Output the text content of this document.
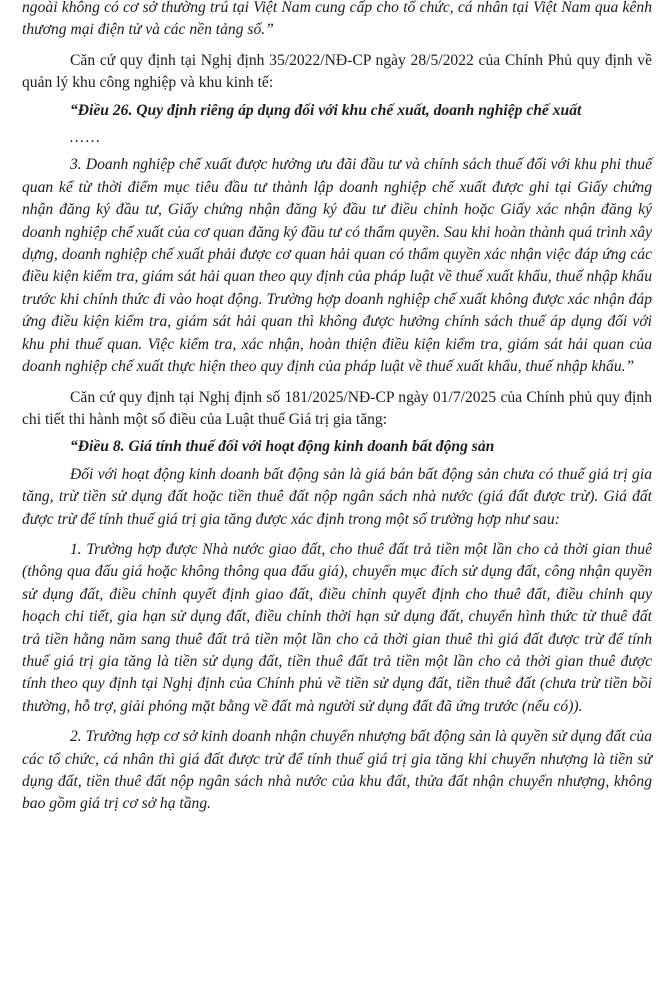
ngoài không có cơ sở thường trú tại Việt Nam cung cấp cho tổ chức, cá nhân tại Việt Nam qua kênh thương mại điện tử và các nền tảng số.”

Căn cứ quy định tại Nghị định 35/2022/NĐ-CP ngày 28/5/2022 của Chính Phủ quy định về quản lý khu công nghiệp và khu kinh tế:

“Điều 26. Quy định riêng áp dụng đối với khu chế xuất, doanh nghiệp chế xuất

……

3. Doanh nghiệp chế xuất được hưởng ưu đãi đầu tư và chính sách thuế đối với khu phi thuế quan kể từ thời điểm mục tiêu đầu tư thành lập doanh nghiệp chế xuất được ghi tại Giấy chứng nhận đăng ký đầu tư, Giấy chứng nhận đăng ký đầu tư điều chỉnh hoặc Giấy xác nhận đăng ký doanh nghiệp chế xuất của cơ quan đăng ký đầu tư có thẩm quyền. Sau khi hoàn thành quá trình xây dựng, doanh nghiệp chế xuất phải được cơ quan hải quan có thẩm quyền xác nhận việc đáp ứng các điều kiện kiểm tra, giám sát hải quan theo quy định của pháp luật về thuế xuất khẩu, thuế nhập khẩu trước khi chính thức đi vào hoạt động. Trường hợp doanh nghiệp chế xuất không được xác nhận đáp ứng điều kiện kiểm tra, giám sát hải quan thì không được hưởng chính sách thuế áp dụng đối với khu phi thuế quan. Việc kiểm tra, xác nhận, hoàn thiện điều kiện kiểm tra, giám sát hải quan của doanh nghiệp chế xuất thực hiện theo quy định của pháp luật về thuế xuất khẩu, thuế nhập khẩu.”

Căn cứ quy định tại Nghị định số 181/2025/NĐ-CP ngày 01/7/2025 của Chính phủ quy định chi tiết thi hành một số điều của Luật thuế Giá trị gia tăng:

“Điều 8. Giá tính thuế đối với hoạt động kinh doanh bất động sản

Đối với hoạt động kinh doanh bất động sản là giá bán bất động sản chưa có thuế giá trị gia tăng, trừ tiền sử dụng đất hoặc tiền thuê đất nộp ngân sách nhà nước (giá đất được trừ). Giá đất được trừ để tính thuế giá trị gia tăng được xác định trong một số trường hợp như sau:

1. Trường hợp được Nhà nước giao đất, cho thuê đất trả tiền một lần cho cả thời gian thuê (thông qua đấu giá hoặc không thông qua đấu giá), chuyển mục đích sử dụng đất, công nhận quyền sử dụng đất, điều chỉnh quyết định giao đất, điều chỉnh quyết định cho thuê đất, điều chỉnh quy hoạch chi tiết, gia hạn sử dụng đất, điều chỉnh thời hạn sử dụng đất, chuyển hình thức từ thuê đất trả tiền hằng năm sang thuê đất trả tiền một lần cho cả thời gian thuê thì giá đất được trừ để tính thuế giá trị gia tăng là tiền sử dụng đất, tiền thuê đất trả tiền một lần cho cả thời gian thuê được tính theo quy định tại Nghị định của Chính phủ về tiền sử dụng đất, tiền thuê đất (chưa trừ tiền bồi thường, hỗ trợ, giải phóng mặt bằng về đất mà người sử dụng đất đã ứng trước (nếu có)).

2. Trường hợp cơ sở kinh doanh nhận chuyển nhượng bất động sản là quyền sử dụng đất của các tổ chức, cá nhân thì giá đất được trừ để tính thuế giá trị gia tăng khi chuyển nhượng là tiền sử dụng đất, tiền thuê đất nộp ngân sách nhà nước của khu đất, thửa đất nhận chuyển nhượng, không bao gồm giá trị cơ sở hạ tầng.
